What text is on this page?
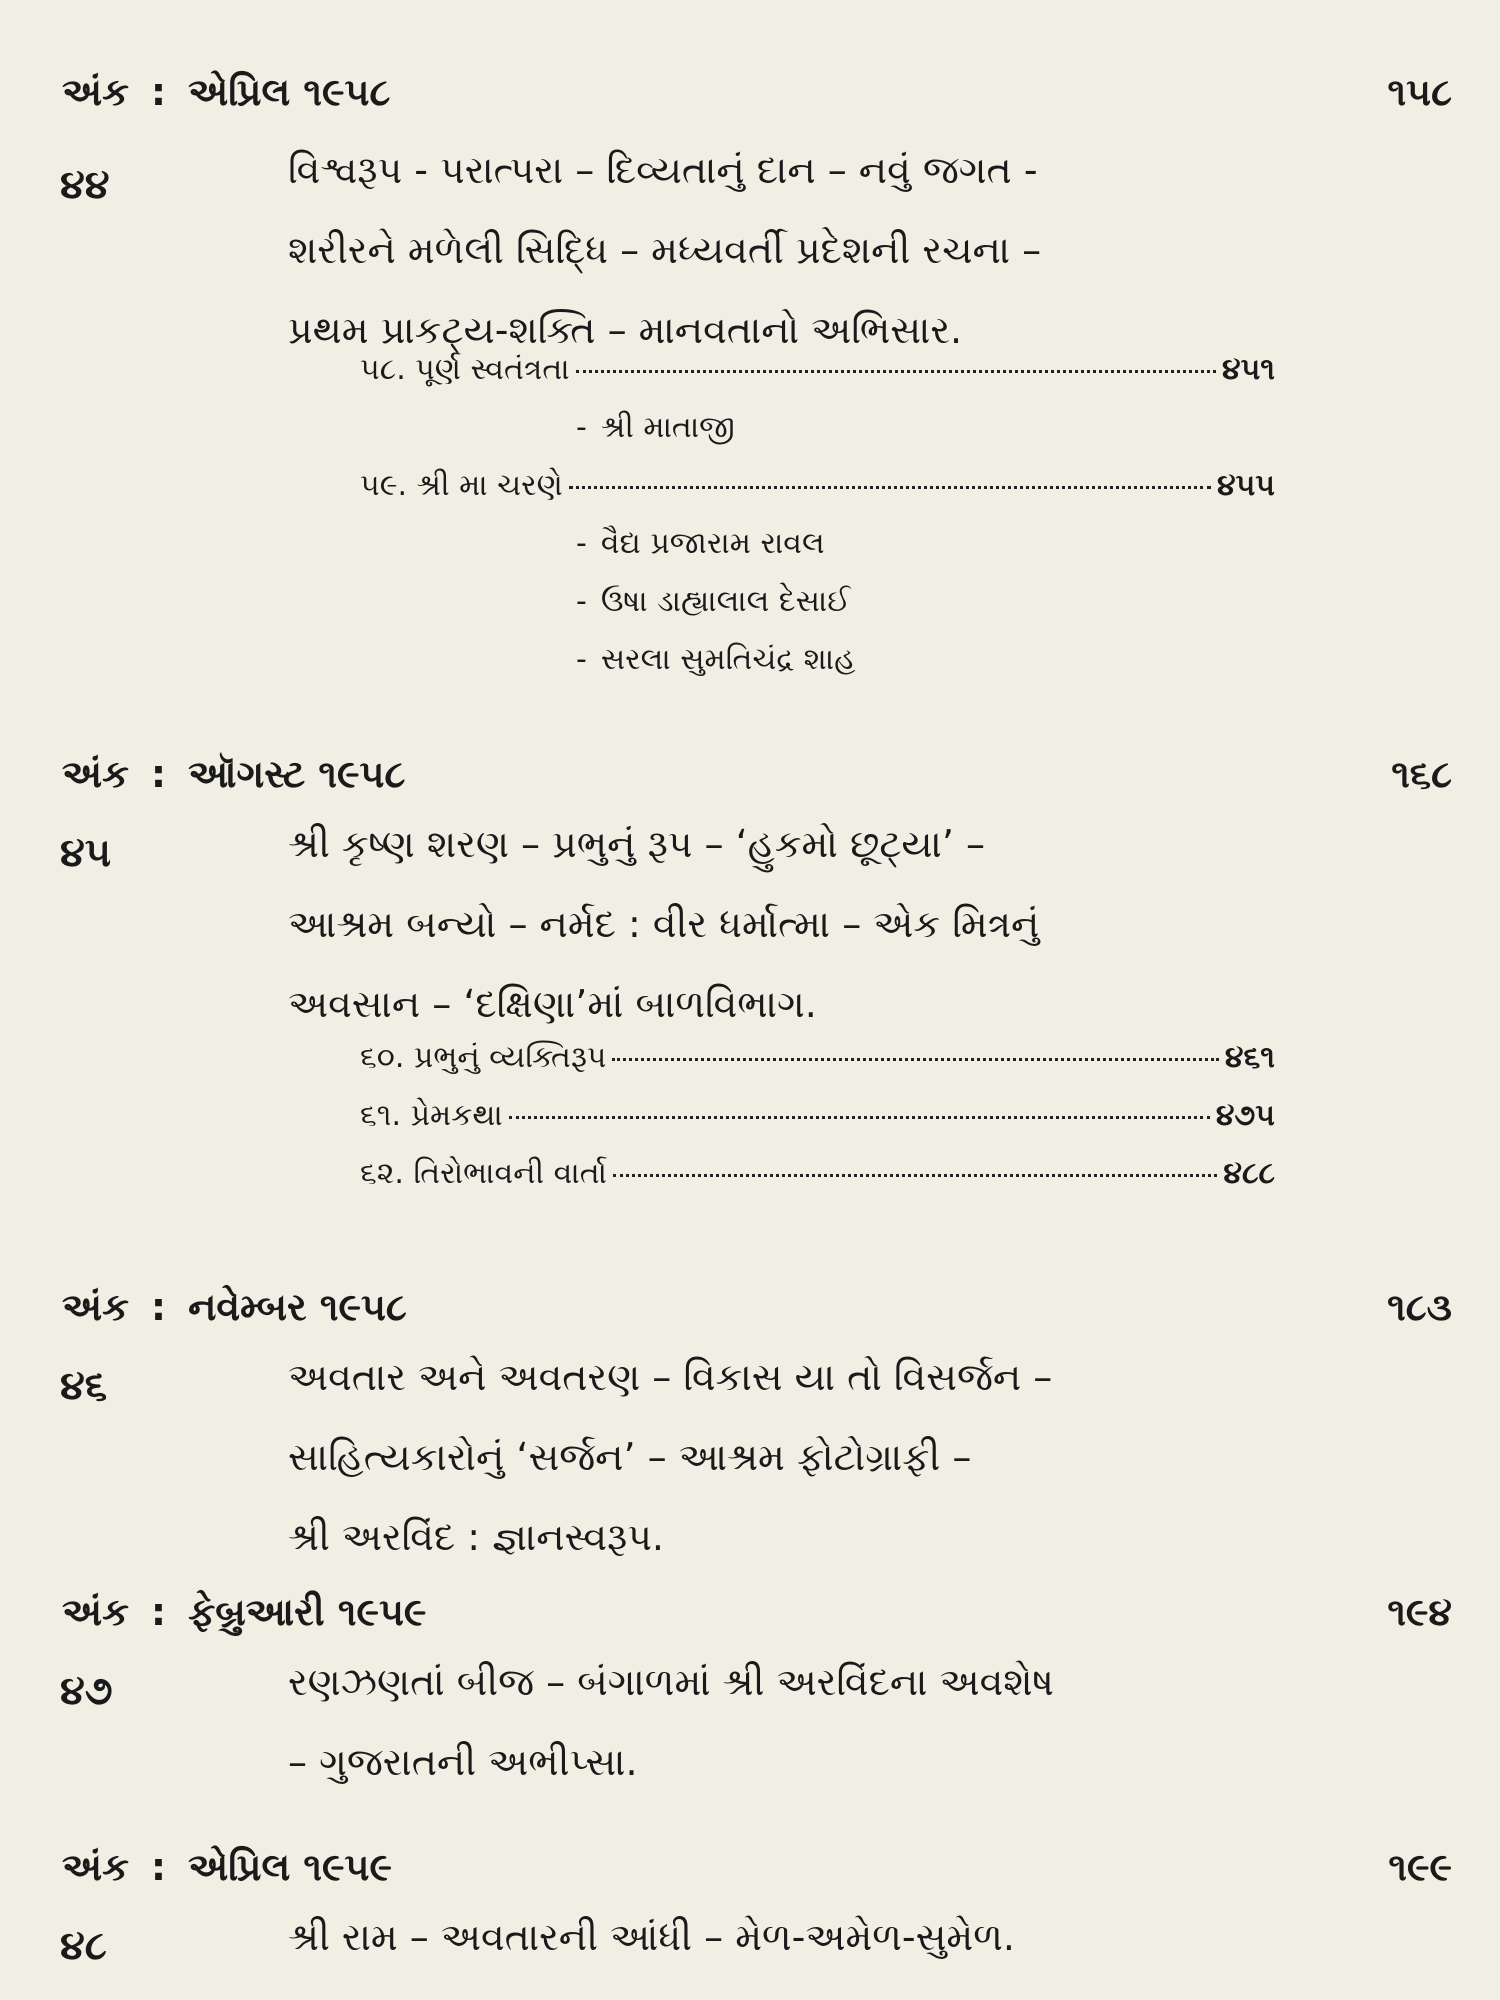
અંક : એપ્રિલ ૧૯૫૮	૧૫૮
૪૪	વિશ્વરૂપ - પરાત્પરા – દિવ્યતાનું દાન – નવું જગત -
શરીરને મળેલી સિદ્ધિ – મધ્યવર્તી પ્રદેશની રચના –
પ્રથમ પ્રાકટ્ય-શક્તિ – માનવતાનો અભિસાર.
૫૮. પૂર્ણ સ્વતંત્રતા	૪૫૧
- શ્રી માતાજી
૫૯. શ્રી મા ચરણે	૪૫૫
- વૈદ્ય પ્રજારામ રાવલ
- ઉષા ડાહ્યાલાલ દેસાઈ
- સરલા સુમતિચંદ્ર શાહ
અંક : ઑગસ્ટ ૧૯૫૮	૧૬૮
૪૫	શ્રી કૃષ્ણ શરણ – પ્રભુનું રૂપ – ‘હુકમો છૂટ્યા’ –
આશ્રમ બન્યો – નર્મદ : વીર ધર્માત્મા – એક મિત્રનું
અવસાન – ‘દક્ષિણા’માં બાળવિભાગ.
૬૦. પ્રભુનું વ્યક્તિરૂપ	૪૬૧
૬૧. પ્રેમકથા	૪૭૫
૬૨. તિરોભાવની વાર્તા	૪૮૮
અંક : નવેમ્બર ૧૯૫૮	૧૮૩
૪૬	અવતાર અને અવતરણ – વિકાસ યા તો વિસર્જન –
સાહિત્યકારોનું ‘સર્જન’ – આશ્રમ ફોટોગ્રાફી –
શ્રી અરવિંદ : જ્ઞાનસ્વરૂપ.
અંક : ફેબ્રુઆરી ૧૯૫૯	૧૯૪
૪૭	રણઝણતાં બીજ – બંગાળમાં શ્રી અરવિંદના અવશેષ
– ગુજરાતની અભીપ્સા.
અંક : એપ્રિલ ૧૯૫૯	૧૯૯
૪૮	શ્રી રામ – અવતારની આંધી – મેળ-અમેળ-સુમેળ.
